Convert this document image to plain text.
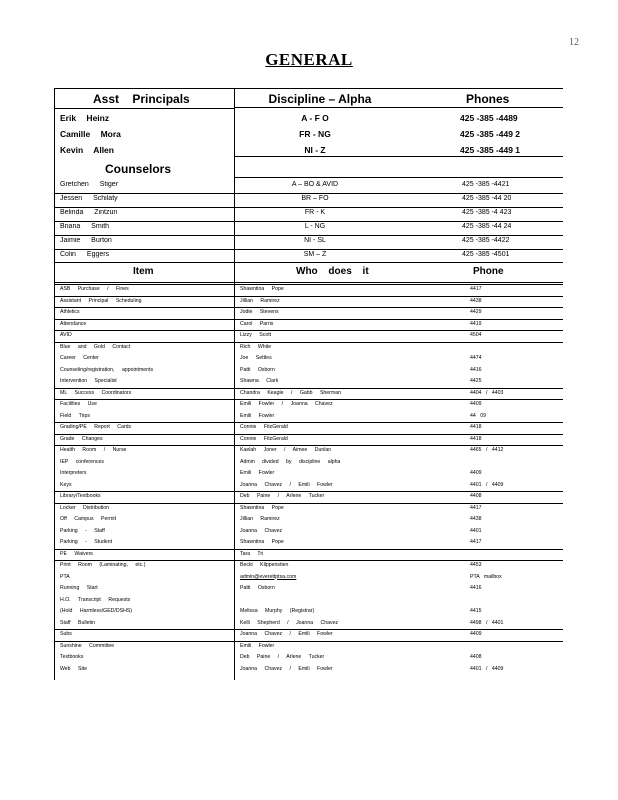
12
GENERAL
Asst Principals	Discipline – Alpha	Phones
Counselors
Item	Who does it	Phone
Erik Heinz	A - F O	425 -385 -4489
Camille Mora	FR - NG	425 -385 -449 2
Kevin Allen	NI - Z	425 -385 -449 1
Gretchen Stiger	A – BO & AVID	425 -385 -4421
Jessen Schilaty	BR – FO	425 -385 -44 20
Belinda Zintzun	FR - K	425 -385 -4 423
Briana Smith	L - NG	425 -385 -44 24
Jaimie Burton	NI - SL	425 -385 -4422
Colin Eggers	SM – Z	425 -385 -4501
ASB Purchase / Fines	Shawntina Pope	4417
Assistant Principal Scheduling	Jillian Ramirez	4438
Athletics	Jodie Stevens	4429
Attendance	Carol Parris	4419
AVID	Lizzy Scott	4504
Blue and Gold Contact	Rich White
Career Center	Joe Settles	4474
Counseling/registration, appointments	Patti Osborn	4416
Intervention Specialist	Shawna Clark	4425
ML Success Coordinators	Chandra Keagle / Gabb Sherman	4404 / 4403
Facilities Use	Emili Fowler / Joanna Chavez	4409
Field Trips	Emili Fowler	44 09
Grading/PE Report Cards	Connie FitzGerald	4418
Grade Changes	Connie FitzGerald	4418
Health Room / Nurse	Kaelah Joner / Aimee Dunlan	4465 / 4412
IEP conferences	Admin divided by discipline alpha
Interpreters	Emili Fowler	4409
Keys	Joanna Chavez / Emili Fowler	4401 / 4409
Library/Textbooks	Deb Paine / Arlene Tucker	4408
Locker Distribution	Shawntina Pope	4417
Off Campus Permit	Jillian Ramirez	4438
Parking - Staff	Joanna Chavez	4401
Parking - Student	Shawntina Pope	4417
PE Waivers	Tara Tri
Print Room (Laminating, etc.)	Becki Klippenstien	4453
PTA	admin@everettptsa.com	PTA mailbox
Running Start	Patti Osborn	4416
H.O. Transcript Requests
(Hold Harmless/GED/DSHS)	Melissa Murphy (Registrar)	4415
Staff Bulletin	Kelli Shepherd / Joanna Chavez	4498 / 4401
Subs	Joanna Chavez / Emili Fowler	4409
Sunshine Committee	Emili Fowler
Textbooks	Deb Paine / Arlene Tucker	4408
Web Site	Joanna Chavez / Emili Fowler	4401 / 4409
